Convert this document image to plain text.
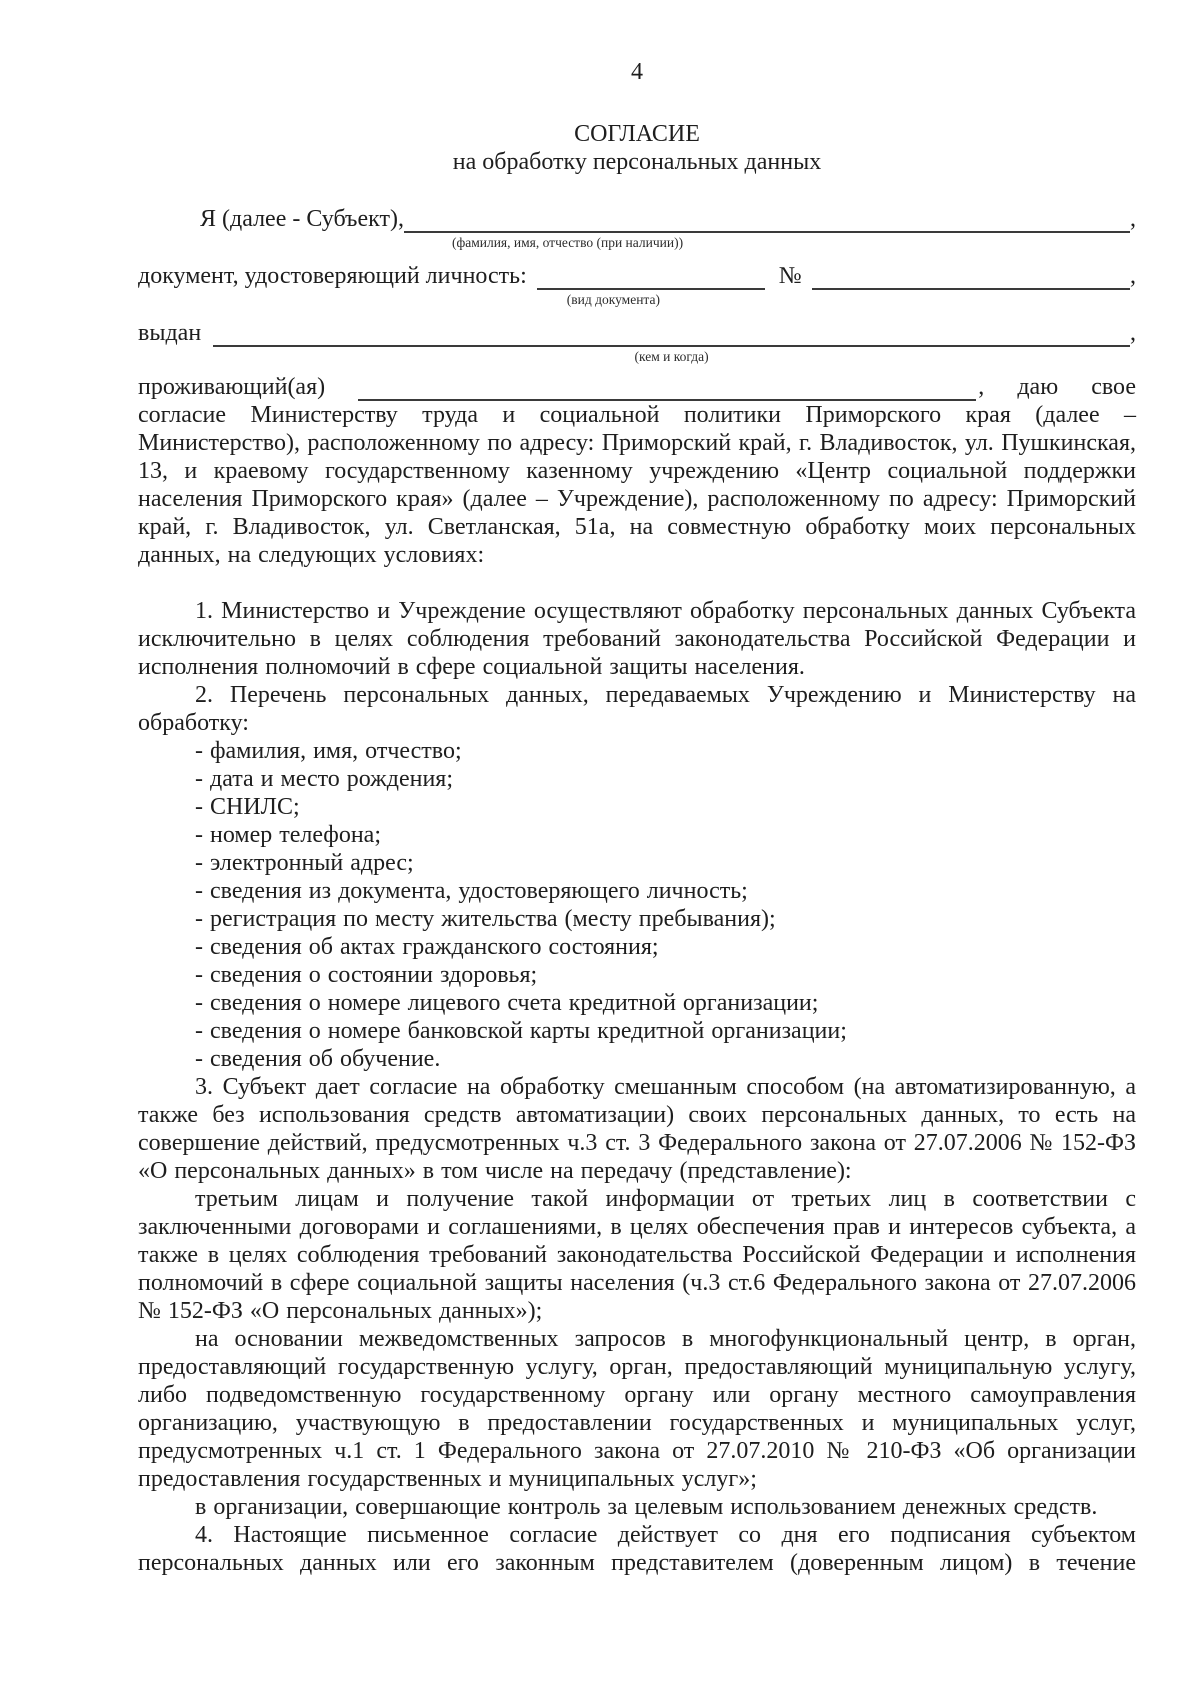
4
СОГЛАСИЕ
на обработку персональных данных
Я (далее - Субъект),
(фамилия, имя, отчество (при наличии))
,
документ, удостоверяющий личность:
(вид документа)
№	,
выдан
(кем и когда)
,

проживающий(ая)	, даю свое согласие Министерству труда и социальной политики Приморского края (далее – Министерство), расположенному по адресу: Приморский край, г. Владивосток, ул. Пушкинская, 13, и краевому государственному казенному учреждению «Центр социальной поддержки населения Приморского края» (далее – Учреждение), расположенному по адресу: Приморский край, г. Владивосток, ул. Светланская, 51а, на совместную обработку моих персональных данных, на следующих условиях:

1. Министерство и Учреждение осуществляют обработку персональных данных Субъекта исключительно в целях соблюдения требований законодательства Российской Федерации и исполнения полномочий в сфере социальной защиты населения.

2. Перечень персональных данных, передаваемых Учреждению и Министерству на обработку:

- фамилия, имя, отчество;

- дата и место рождения;

- СНИЛС;

- номер телефона;

- электронный адрес;

- сведения из документа, удостоверяющего личность;

- регистрация по месту жительства (месту пребывания);

- сведения об актах гражданского состояния;

- сведения о состоянии здоровья;

- сведения о номере лицевого счета кредитной организации;

- сведения о номере банковской карты кредитной организации;

- сведения об обучение.

3. Субъект дает согласие на обработку смешанным способом (на автоматизированную, а также без использования средств автоматизации) своих персональных данных, то есть на совершение действий, предусмотренных ч.3 ст. 3 Федерального закона от 27.07.2006 № 152-ФЗ «О персональных данных» в том числе на передачу (представление):

третьим лицам и получение такой информации от третьих лиц в соответствии с заключенными договорами и соглашениями, в целях обеспечения прав и интересов субъекта, а также в целях соблюдения требований законодательства Российской Федерации и исполнения полномочий в сфере социальной защиты населения (ч.3 ст.6 Федерального закона от 27.07.2006 № 152-ФЗ «О персональных данных»);

на основании межведомственных запросов в многофункциональный центр, в орган, предоставляющий государственную услугу, орган, предоставляющий муниципальную услугу, либо подведомственную государственному органу или органу местного самоуправления организацию, участвующую в предоставлении государственных и муниципальных услуг, предусмотренных ч.1 ст. 1 Федерального закона от 27.07.2010 № 210-ФЗ «Об организации предоставления государственных и муниципальных услуг»;

в организации, совершающие контроль за целевым использованием денежных средств.

4. Настоящие письменное согласие действует со дня его подписания субъектом персональных данных или его законным представителем (доверенным лицом) в течение
